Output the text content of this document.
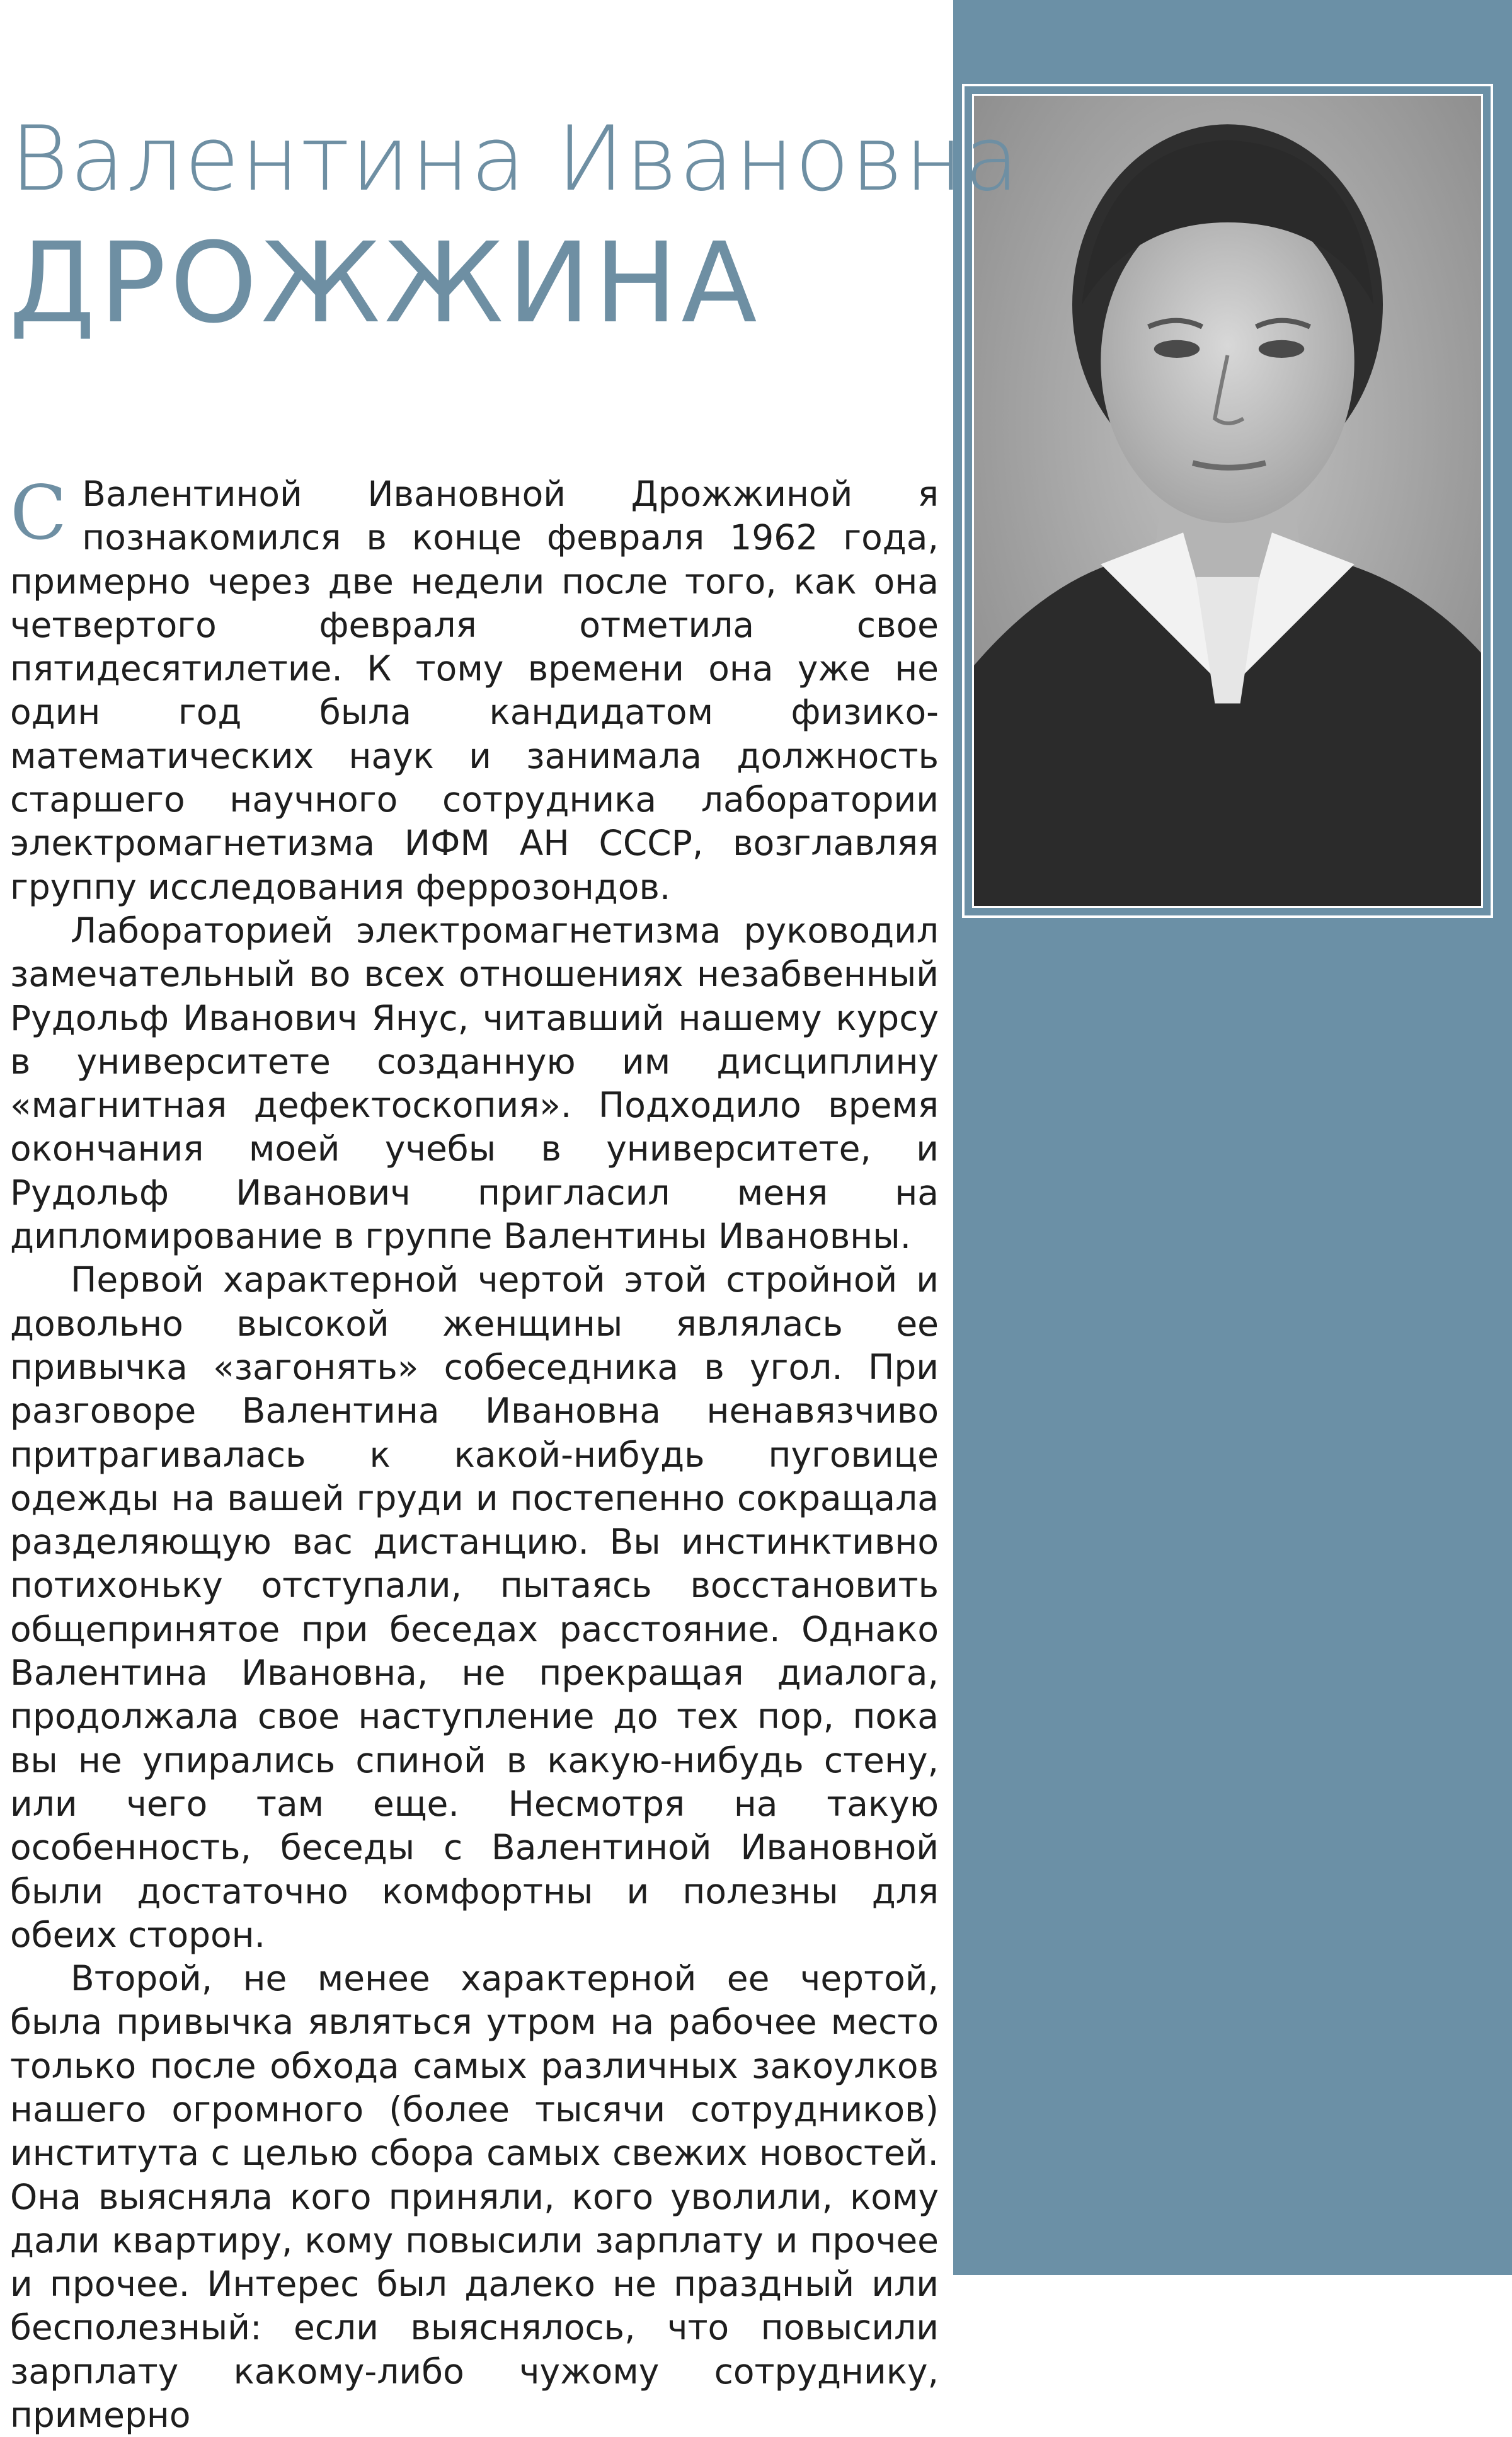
Валентина Ивановна
ДРОЖЖИНА

С Валентиной Ивановной Дрожжиной я познакомился в конце февраля 1962 года, примерно через две недели после того, как она четвертого февраля отметила свое пятидесятилетие. К тому времени она уже не один год была кандидатом физико-математических наук и занимала должность старшего научного сотрудника лаборатории электромагнетизма ИФМ АН СССР, возглавляя группу исследования феррозондов.

Лабораторией электромагнетизма руководил замечательный во всех отношениях незабвенный Рудольф Иванович Янус, читавший нашему курсу в университете созданную им дисциплину «магнитная дефектоскопия». Подходило время окончания моей учебы в университете, и Рудольф Иванович пригласил меня на дипломирование в группе Валентины Ивановны.

Первой характерной чертой этой стройной и довольно высокой женщины являлась ее привычка «загонять» собеседника в угол. При разговоре Валентина Ивановна ненавязчиво притрагивалась к какой-нибудь пуговице одежды на вашей груди и постепенно сокращала разделяющую вас дистанцию. Вы инстинктивно потихоньку отступали, пытаясь восстановить общепринятое при беседах расстояние. Однако Валентина Ивановна, не прекращая диалога, продолжала свое наступление до тех пор, пока вы не упирались спиной в какую-нибудь стену, или чего там еще. Несмотря на такую особенность, беседы с Валентиной Ивановной были достаточно комфортны и полезны для обеих сторон.

Второй, не менее характерной ее чертой, была привычка являться утром на рабочее место только после обхода самых различных закоулков нашего огромного (более тысячи сотрудников) института с целью сбора самых свежих новостей. Она выясняла кого приняли, кого уволили, кому дали квартиру, кому повысили зарплату и прочее и прочее. Интерес был далеко не праздный или бесполезный: если выяснялось, что повысили зарплату какому-либо чужому сотруднику, примерно
